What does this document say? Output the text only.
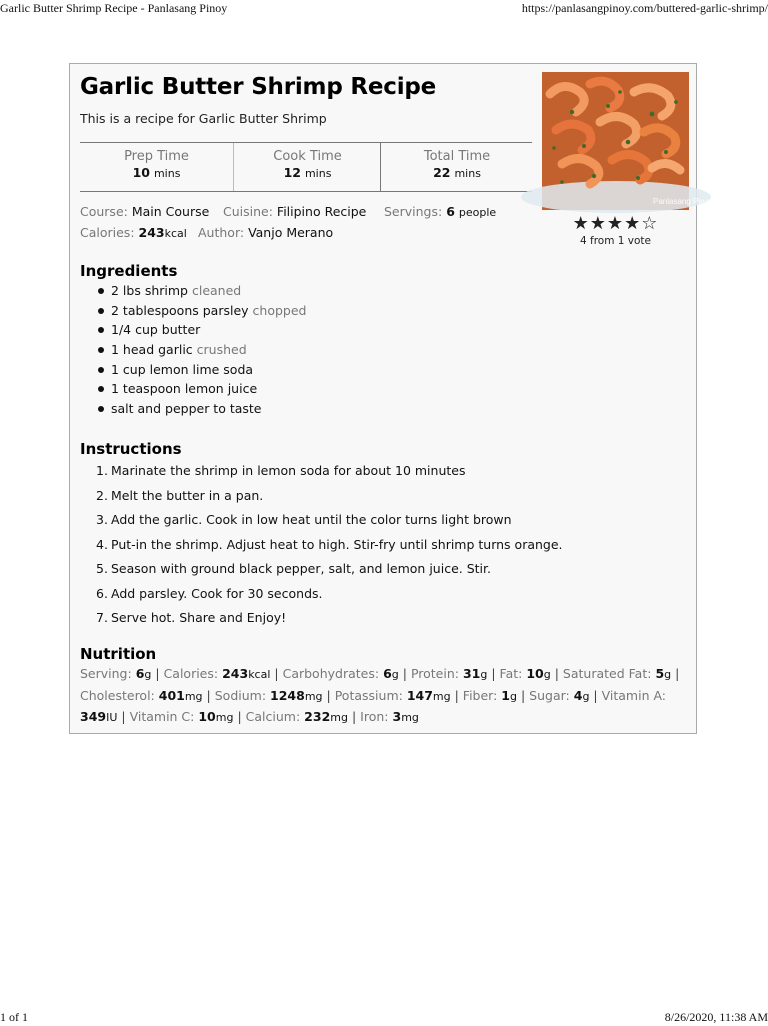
Garlic Butter Shrimp Recipe - Panlasang Pinoy	https://panlasangpinoy.com/buttered-garlic-shrimp/
Garlic Butter Shrimp Recipe
This is a recipe for Garlic Butter Shrimp
Prep Time
10 mins
Cook Time
12 mins
Total Time
22 mins
Course: Main Course Cuisine: Filipino Recipe Servings: 6 people
Calories: 243kcal Author: Vanjo Merano
Panlasang Pinoy
★★★★☆
4 from 1 vote
Ingredients
2 lbs shrimp cleaned
2 tablespoons parsley chopped
1/4 cup butter
1 head garlic crushed
1 cup lemon lime soda
1 teaspoon lemon juice
salt and pepper to taste
Instructions
1. Marinate the shrimp in lemon soda for about 10 minutes
2. Melt the butter in a pan.
3. Add the garlic. Cook in low heat until the color turns light brown
4. Put-in the shrimp. Adjust heat to high. Stir-fry until shrimp turns orange.
5. Season with ground black pepper, salt, and lemon juice. Stir.
6. Add parsley. Cook for 30 seconds.
7. Serve hot. Share and Enjoy!
Nutrition
Serving: 6g | Calories: 243kcal | Carbohydrates: 6g | Protein: 31g | Fat: 10g | Saturated Fat: 5g | Cholesterol: 401mg | Sodium: 1248mg | Potassium: 147mg | Fiber: 1g | Sugar: 4g | Vitamin A: 349IU | Vitamin C: 10mg | Calcium: 232mg | Iron: 3mg
1 of 1	8/26/2020, 11:38 AM
